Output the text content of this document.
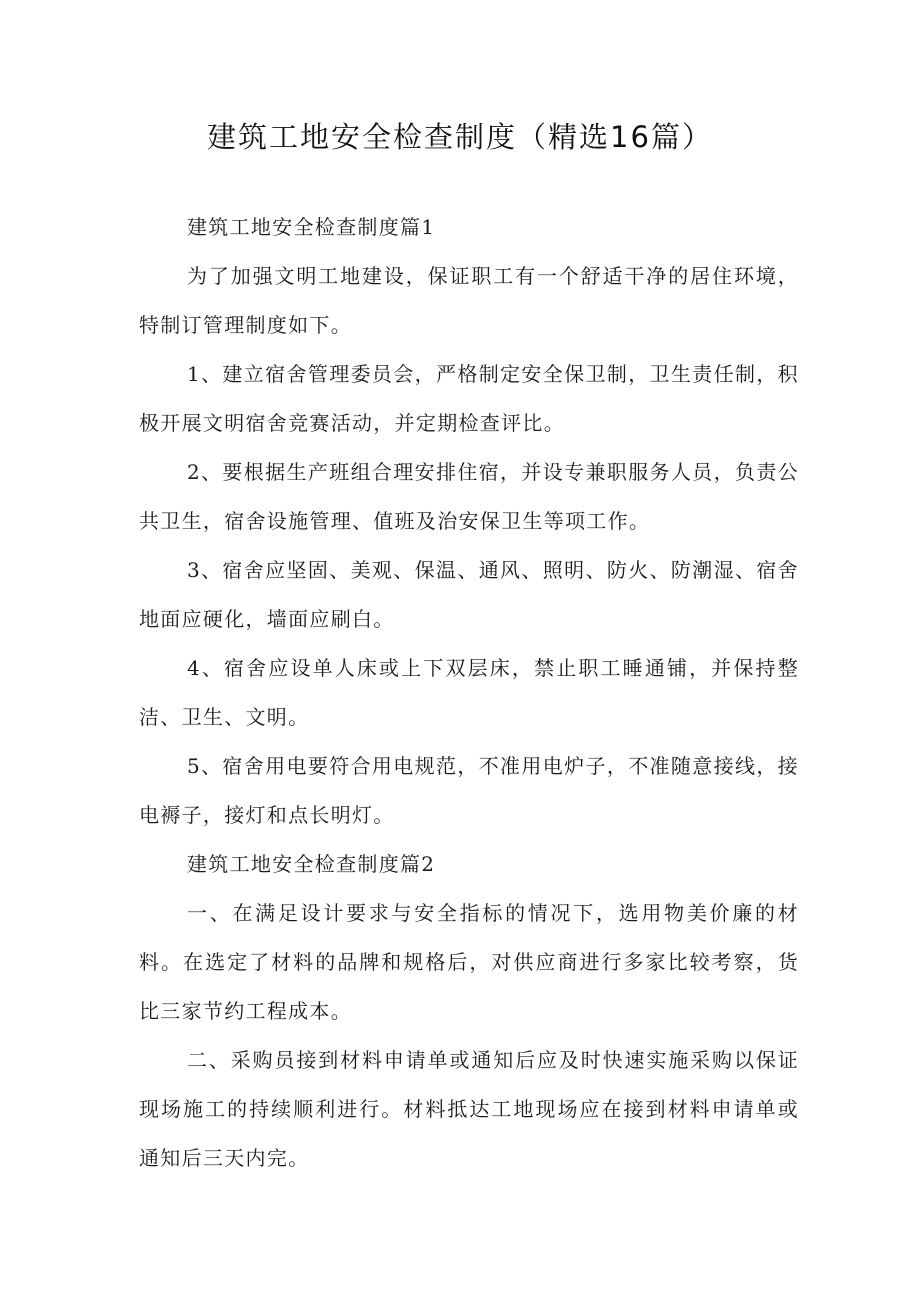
建筑工地安全检查制度（精选16篇）

建筑工地安全检查制度篇1

为了加强文明工地建设，保证职工有一个舒适干净的居住环境，特制订管理制度如下。

1、建立宿舍管理委员会，严格制定安全保卫制，卫生责任制，积极开展文明宿舍竞赛活动，并定期检查评比。

2、要根据生产班组合理安排住宿，并设专兼职服务人员，负责公共卫生，宿舍设施管理、值班及治安保卫生等项工作。

3、宿舍应坚固、美观、保温、通风、照明、防火、防潮湿、宿舍地面应硬化，墙面应刷白。

4、宿舍应设单人床或上下双层床，禁止职工睡通铺，并保持整洁、卫生、文明。

5、宿舍用电要符合用电规范，不准用电炉子，不准随意接线，接电褥子，接灯和点长明灯。

建筑工地安全检查制度篇2

一、在满足设计要求与安全指标的情况下，选用物美价廉的材料。在选定了材料的品牌和规格后，对供应商进行多家比较考察，货比三家节约工程成本。

二、采购员接到材料申请单或通知后应及时快速实施采购以保证现场施工的持续顺利进行。材料抵达工地现场应在接到材料申请单或通知后三天内完。
